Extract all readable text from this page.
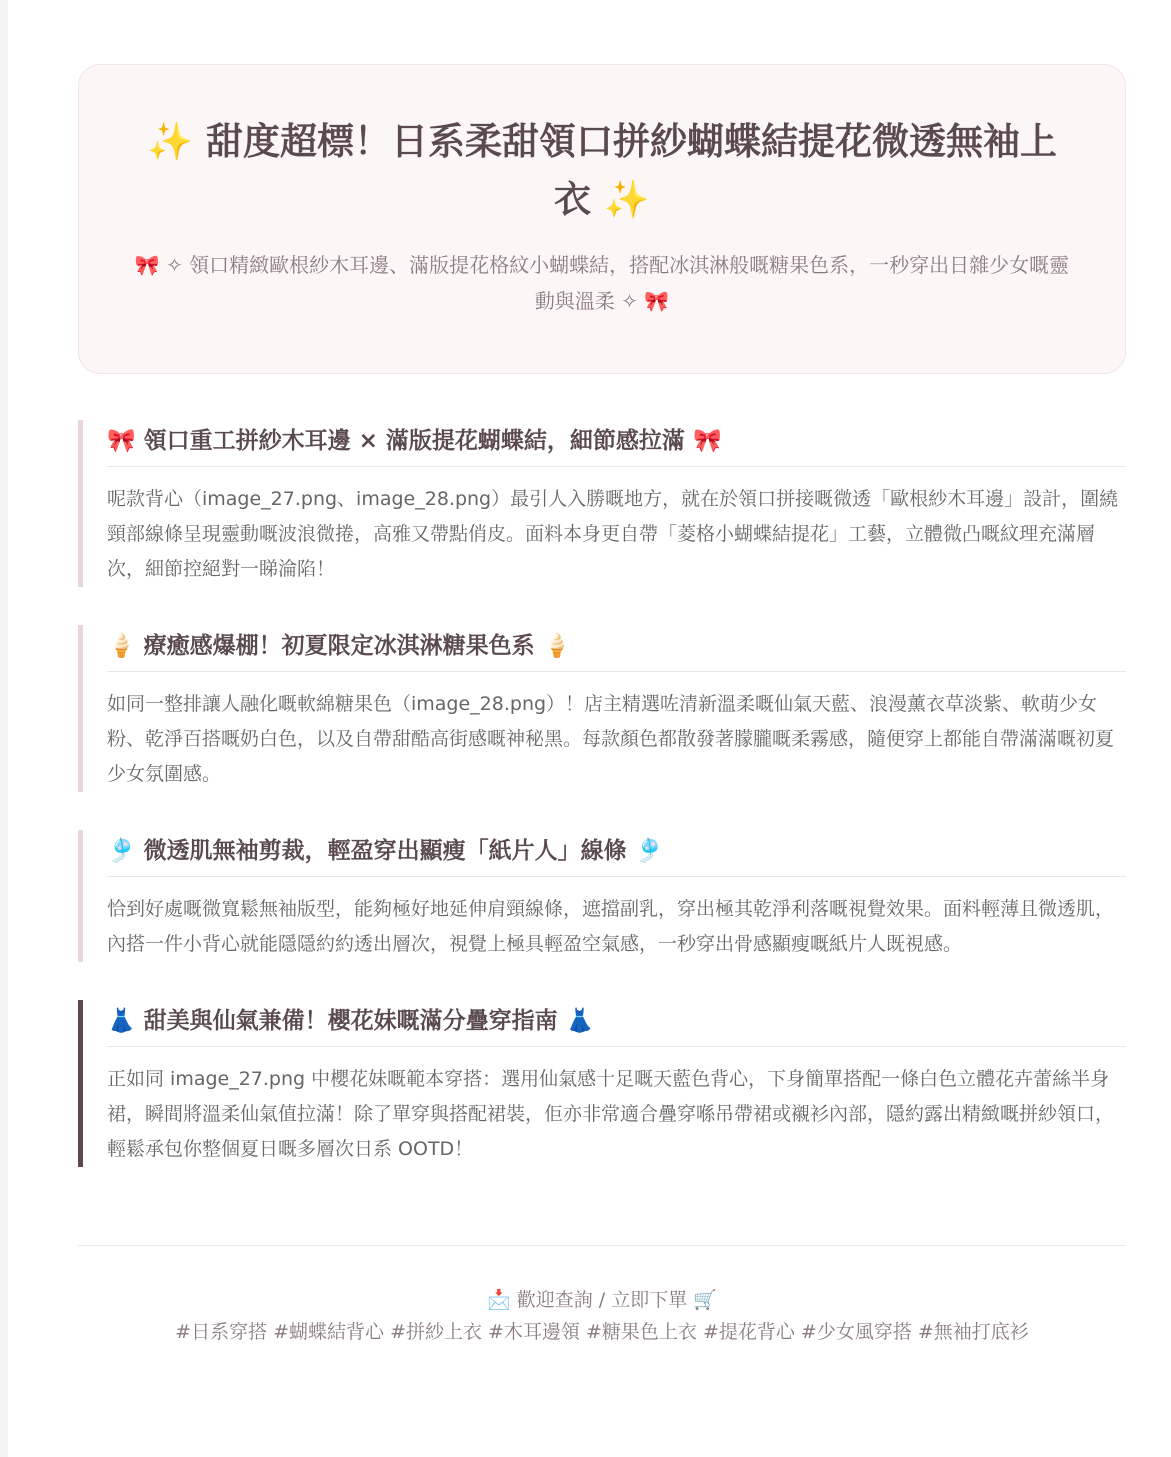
✨ 甜度超標！日系柔甜領口拼紗蝴蝶結提花微透無袖上衣 ✨

🎀 ✧ 領口精緻歐根紗木耳邊、滿版提花格紋小蝴蝶結，搭配冰淇淋般嘅糖果色系，一秒穿出日雜少女嘅靈動與溫柔 ✧ 🎀

🎀 領口重工拼紗木耳邊 × 滿版提花蝴蝶結，細節感拉滿 🎀

呢款背心（image_27.png、image_28.png）最引人入勝嘅地方，就在於領口拼接嘅微透「歐根紗木耳邊」設計，圍繞頸部線條呈現靈動嘅波浪微捲，高雅又帶點俏皮。面料本身更自帶「菱格小蝴蝶結提花」工藝，立體微凸嘅紋理充滿層次，細節控絕對一睇淪陷！

🍦 療癒感爆棚！初夏限定冰淇淋糖果色系 🍦

如同一整排讓人融化嘅軟綿糖果色（image_28.png）！店主精選咗清新溫柔嘅仙氣天藍、浪漫薰衣草淡紫、軟萌少女粉、乾淨百搭嘅奶白色，以及自帶甜酷高街感嘅神秘黑。每款顏色都散發著朦朧嘅柔霧感，隨便穿上都能自帶滿滿嘅初夏少女氛圍感。

🎐 微透肌無袖剪裁，輕盈穿出顯瘦「紙片人」線條 🎐

恰到好處嘅微寬鬆無袖版型，能夠極好地延伸肩頸線條，遮擋副乳，穿出極其乾淨利落嘅視覺效果。面料輕薄且微透肌，內搭一件小背心就能隱隱約約透出層次，視覺上極具輕盈空氣感，一秒穿出骨感顯瘦嘅紙片人既視感。

👗 甜美與仙氣兼備！櫻花妹嘅滿分疊穿指南 👗

正如同 image_27.png 中櫻花妹嘅範本穿搭：選用仙氣感十足嘅天藍色背心，下身簡單搭配一條白色立體花卉蕾絲半身裙，瞬間將溫柔仙氣值拉滿！除了單穿與搭配裙裝，佢亦非常適合疊穿喺吊帶裙或襯衫內部，隱約露出精緻嘅拼紗領口，輕鬆承包你整個夏日嘅多層次日系 OOTD！

📩 歡迎查詢 / 立即下單 🛒
#日系穿搭 #蝴蝶結背心 #拼紗上衣 #木耳邊領 #糖果色上衣 #提花背心 #少女風穿搭 #無袖打底衫
